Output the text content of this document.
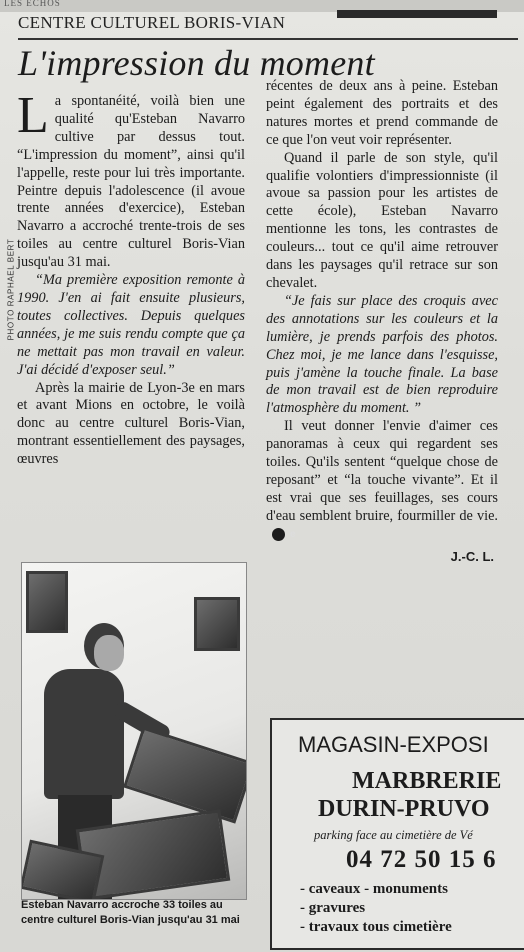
LES ECHOS
CENTRE CULTUREL BORIS-VIAN
L'impression du moment
PHOTO RAPHAEL BERT

La spontanéité, voilà bien une qualité qu'Esteban Navarro cultive par dessus tout. “L'impression du moment”, ainsi qu'il l'appelle, reste pour lui très importante. Peintre depuis l'adolescence (il avoue trente années d'exercice), Esteban Navarro a accroché trente-trois de ses toiles au centre culturel Boris-Vian jusqu'au 31 mai.

“Ma première exposition remonte à 1990. J'en ai fait ensuite plusieurs, toutes collectives. Depuis quelques années, je me suis rendu compte que ça ne mettait pas mon travail en valeur. J'ai décidé d'exposer seul.”

Après la mairie de Lyon-3e en mars et avant Mions en octobre, le voilà donc au centre culturel Boris-Vian, montrant essentiellement des paysages, œuvres

récentes de deux ans à peine. Esteban peint également des portraits et des natures mortes et prend commande de ce que l'on veut voir représenter.

Quand il parle de son style, qu'il qualifie volontiers d'impressionniste (il avoue sa passion pour les artistes de cette école), Esteban Navarro mentionne les tons, les contrastes de couleurs... tout ce qu'il aime retrouver dans les paysages qu'il retrace sur son chevalet.

“Je fais sur place des croquis avec des annotations sur les couleurs et la lumière, je prends parfois des photos. Chez moi, je me lance dans l'esquisse, puis j'amène la touche finale. La base de mon travail est de bien reproduire l'atmosphère du moment. ”

Il veut donner l'envie d'aimer ces panoramas à ceux qui regardent ses toiles. Qu'ils sentent “quelque chose de reposant” et “la touche vivante”. Et il est vrai que ses feuillages, ses cours d'eau semblent bruire, fourmiller de vie.e

J.-C. L.
Esteban Navarro accroche 33 toiles au centre culturel Boris-Vian jusqu'au 31 mai
MAGASIN-EXPOSI
MARBRERIE
DURIN-PRUVO
parking face au cimetière de Vé
04 72 50 15 6
- caveaux - monuments
- gravures
- travaux tous cimetière
